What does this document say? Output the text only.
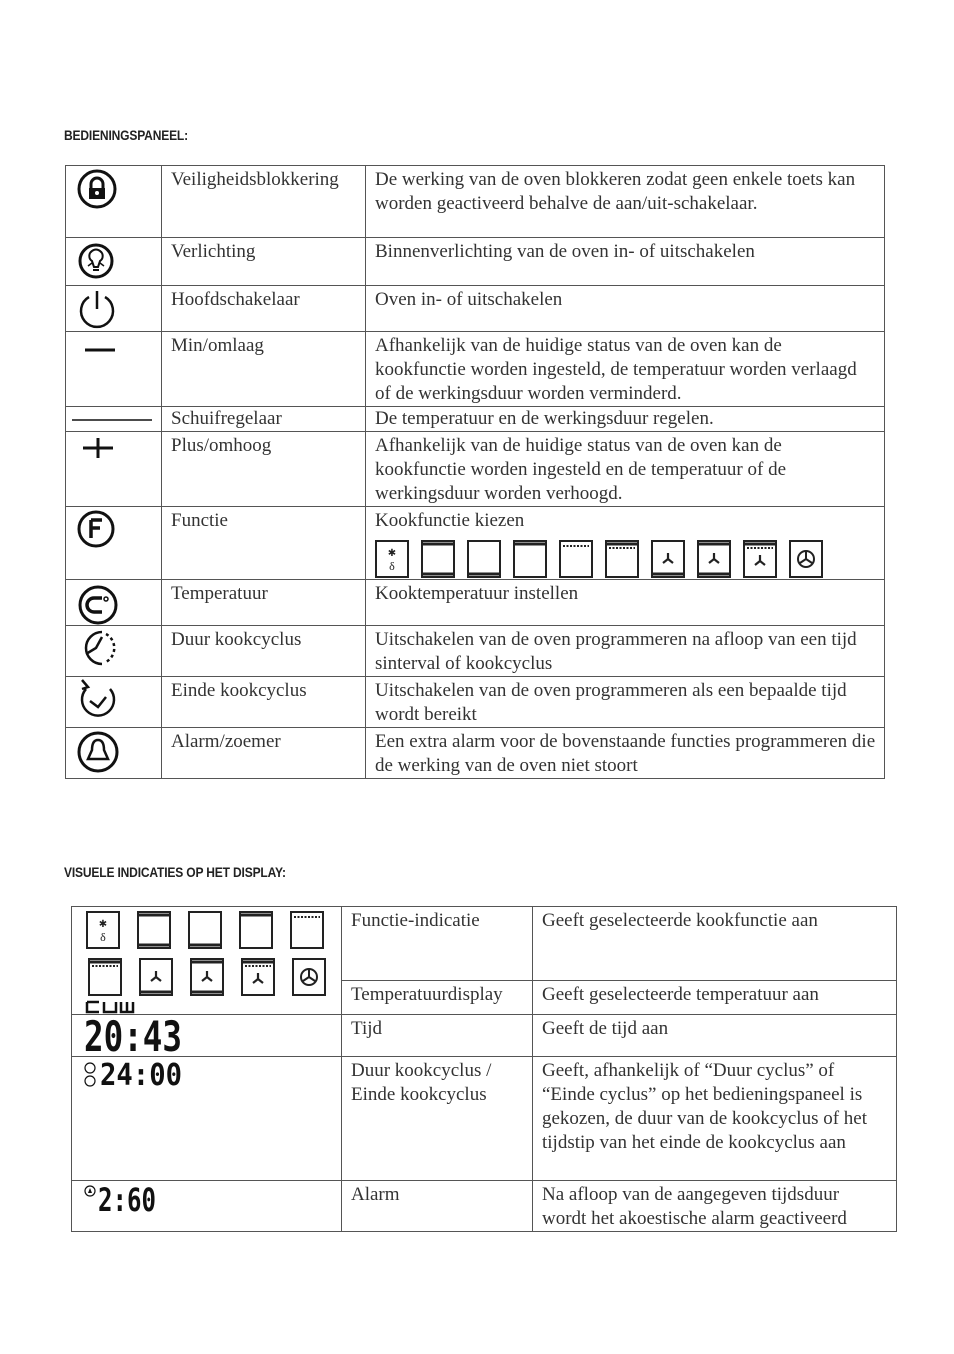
BEDIENINGSPANEEL:
	Veiligheidsblokkering	De werking van de oven blokkeren zodat geen enkele toets kan worden geactiveerd behalve de aan/uit-schakelaar.

	Verlichting	Binnenverlichting van de oven in- of uitschakelen

	Hoofdschakelaar	Oven in- of uitschakelen

	Min/omlaag	Afhankelijk van de huidige status van de oven kan de kookfunctie worden ingesteld, de temperatuur worden verlaagd of de werkingsduur worden verminderd.

	Schuifregelaar	De temperatuur en de werkingsduur regelen.

	Plus/omhoog	Afhankelijk van de huidige status van de oven kan de kookfunctie worden ingesteld en de temperatuur of de werkingsduur worden verhoogd.

	Functie	Kookfunctie kiezen

	Temperatuur	Kooktemperatuur instellen

	Duur kookcyclus	Uitschakelen van de oven programmeren na afloop van een tijd sinterval of kookcyclus

	Einde kookcyclus	Uitschakelen van de oven programmeren als een bepaalde tijd wordt bereikt

	Alarm/zoemer	Een extra alarm voor de bovenstaande functies programmeren die de werking van de oven niet stoort
VISUELE INDICATIES OP HET DISPLAY:
	Functie-indicatie	Geeft geselecteerde kookfunctie aan
	Temperatuurdisplay	Geeft geselecteerde temperatuur aan

20:43	Tijd	Geeft de tijd aan

24:00	Duur kookcyclus / Einde kookcyclus	Geeft, afhankelijk of “Duur cyclus” of “Einde cyclus” op het bedieningspaneel is gekozen, de duur van de kookcyclus of het tijdstip van het einde de kookcyclus aan

2:60	Alarm	Na afloop van de aangegeven tijdsduur wordt het akoestische alarm geactiveerd
